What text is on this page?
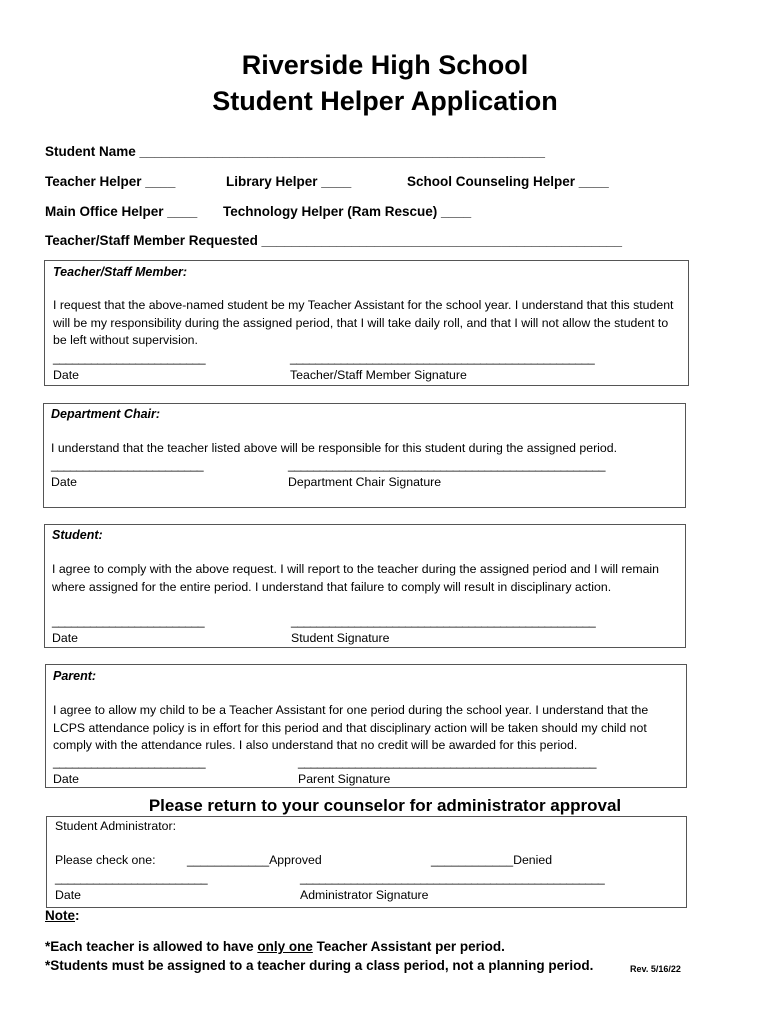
Riverside High School
Student Helper Application
Student Name ______________________________________________________
Teacher Helper ____	Library Helper ____	School Counseling Helper ____
Main Office Helper ____ Technology Helper (Ram Rescue) ____
Teacher/Staff Member Requested ________________________________________________
Teacher/Staff Member:
I request that the above-named student be my Teacher Assistant for the school year. I understand that this student will be my responsibility during the assigned period, that I will take daily roll, and that I will not allow the student to be left without supervision.
________________________	________________________________________________
Date	Teacher/Staff Member Signature
Department Chair:
I understand that the teacher listed above will be responsible for this student during the assigned period.
________________________	__________________________________________________
Date	Department Chair Signature
Student:
I agree to comply with the above request. I will report to the teacher during the assigned period and I will remain where assigned for the entire period. I understand that failure to comply will result in disciplinary action.
________________________	________________________________________________
Date	Student Signature
Parent:
I agree to allow my child to be a Teacher Assistant for one period during the school year. I understand that the LCPS attendance policy is in effort for this period and that disciplinary action will be taken should my child not comply with the attendance rules. I also understand that no credit will be awarded for this period.
________________________	_______________________________________________
Date	Parent Signature
Please return to your counselor for administrator approval
Student Administrator:
Please check one:	____________Approved	____________Denied
________________________	________________________________________________
Date	Administrator Signature
Note:
*Each teacher is allowed to have only one Teacher Assistant per period.
*Students must be assigned to a teacher during a class period, not a planning period.	Rev. 5/16/22
